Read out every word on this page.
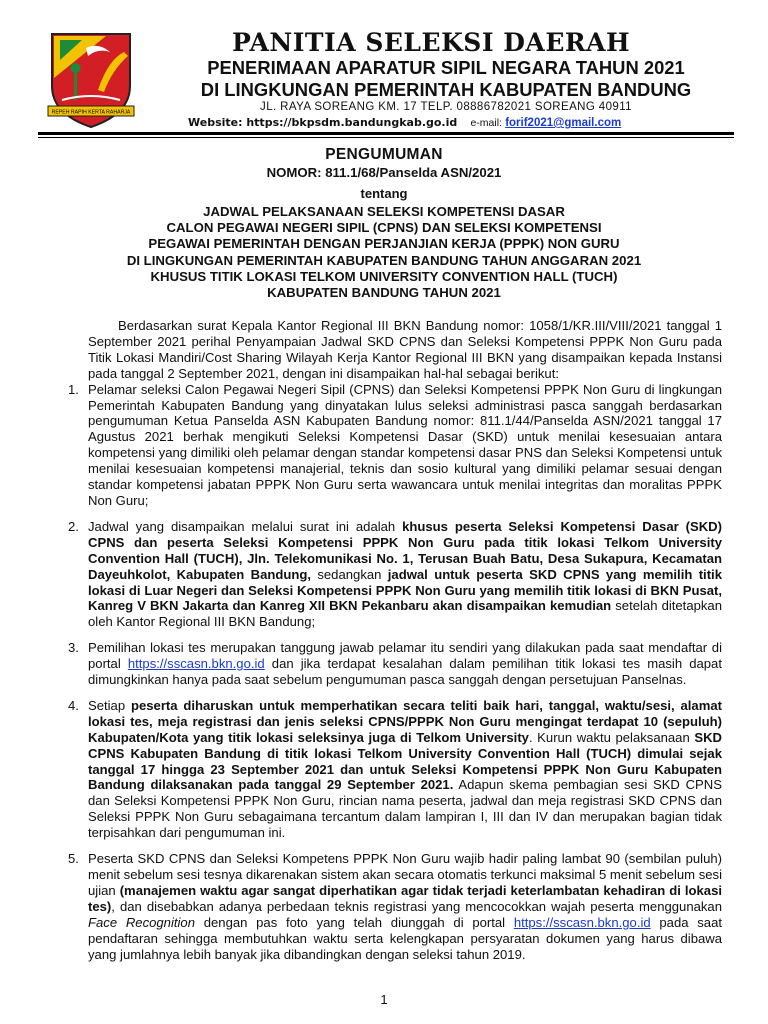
REPEH RAPIH KERTA RAHARJA
PANITIA SELEKSI DAERAH
PENERIMAAN APARATUR SIPIL NEGARA TAHUN 2021
DI LINGKUNGAN PEMERINTAH KABUPATEN BANDUNG
JL. RAYA SOREANG KM. 17 TELP. 08886782021 SOREANG 40911
Website: https://bkpsdm.bandungkab.go.id e-mail: forif2021@gmail.com
PENGUMUMAN
NOMOR: 811.1/68/Panselda ASN/2021
tentang
JADWAL PELAKSANAAN SELEKSI KOMPETENSI DASAR
CALON PEGAWAI NEGERI SIPIL (CPNS) DAN SELEKSI KOMPETENSI
PEGAWAI PEMERINTAH DENGAN PERJANJIAN KERJA (PPPK) NON GURU
DI LINGKUNGAN PEMERINTAH KABUPATEN BANDUNG TAHUN ANGGARAN 2021
KHUSUS TITIK LOKASI TELKOM UNIVERSITY CONVENTION HALL (TUCH)
KABUPATEN BANDUNG TAHUN 2021

Berdasarkan surat Kepala Kantor Regional III BKN Bandung nomor: 1058/1/KR.III/VIII/2021 tanggal 1 September 2021 perihal Penyampaian Jadwal SKD CPNS dan Seleksi Kompetensi PPPK Non Guru pada Titik Lokasi Mandiri/Cost Sharing Wilayah Kerja Kantor Regional III BKN yang disampaikan kepada Instansi pada tanggal 2 September 2021, dengan ini disampaikan hal-hal sebagai berikut:

1. Pelamar seleksi Calon Pegawai Negeri Sipil (CPNS) dan Seleksi Kompetensi PPPK Non Guru di lingkungan Pemerintah Kabupaten Bandung yang dinyatakan lulus seleksi administrasi pasca sanggah berdasarkan pengumuman Ketua Panselda ASN Kabupaten Bandung nomor: 811.1/44/Panselda ASN/2021 tanggal 17 Agustus 2021 berhak mengikuti Seleksi Kompetensi Dasar (SKD) untuk menilai kesesuaian antara kompetensi yang dimiliki oleh pelamar dengan standar kompetensi dasar PNS dan Seleksi Kompetensi untuk menilai kesesuaian kompetensi manajerial, teknis dan sosio kultural yang dimiliki pelamar sesuai dengan standar kompetensi jabatan PPPK Non Guru serta wawancara untuk menilai integritas dan moralitas PPPK Non Guru;
2. Jadwal yang disampaikan melalui surat ini adalah khusus peserta Seleksi Kompetensi Dasar (SKD) CPNS dan peserta Seleksi Kompetensi PPPK Non Guru pada titik lokasi Telkom University Convention Hall (TUCH), Jln. Telekomunikasi No. 1, Terusan Buah Batu, Desa Sukapura, Kecamatan Dayeuhkolot, Kabupaten Bandung, sedangkan jadwal untuk peserta SKD CPNS yang memilih titik lokasi di Luar Negeri dan Seleksi Kompetensi PPPK Non Guru yang memilih titik lokasi di BKN Pusat, Kanreg V BKN Jakarta dan Kanreg XII BKN Pekanbaru akan disampaikan kemudian setelah ditetapkan oleh Kantor Regional III BKN Bandung;
3. Pemilihan lokasi tes merupakan tanggung jawab pelamar itu sendiri yang dilakukan pada saat mendaftar di portal https://sscasn.bkn.go.id dan jika terdapat kesalahan dalam pemilihan titik lokasi tes masih dapat dimungkinkan hanya pada saat sebelum pengumuman pasca sanggah dengan persetujuan Panselnas.
4. Setiap peserta diharuskan untuk memperhatikan secara teliti baik hari, tanggal, waktu/sesi, alamat lokasi tes, meja registrasi dan jenis seleksi CPNS/PPPK Non Guru mengingat terdapat 10 (sepuluh) Kabupaten/Kota yang titik lokasi seleksinya juga di Telkom University. Kurun waktu pelaksanaan SKD CPNS Kabupaten Bandung di titik lokasi Telkom University Convention Hall (TUCH) dimulai sejak tanggal 17 hingga 23 September 2021 dan untuk Seleksi Kompetensi PPPK Non Guru Kabupaten Bandung dilaksanakan pada tanggal 29 September 2021. Adapun skema pembagian sesi SKD CPNS dan Seleksi Kompetensi PPPK Non Guru, rincian nama peserta, jadwal dan meja registrasi SKD CPNS dan Seleksi PPPK Non Guru sebagaimana tercantum dalam lampiran I, III dan IV dan merupakan bagian tidak terpisahkan dari pengumuman ini.
5. Peserta SKD CPNS dan Seleksi Kompetens PPPK Non Guru wajib hadir paling lambat 90 (sembilan puluh) menit sebelum sesi tesnya dikarenakan sistem akan secara otomatis terkunci maksimal 5 menit sebelum sesi ujian (manajemen waktu agar sangat diperhatikan agar tidak terjadi keterlambatan kehadiran di lokasi tes), dan disebabkan adanya perbedaan teknis registrasi yang mencocokkan wajah peserta menggunakan Face Recognition dengan pas foto yang telah diunggah di portal https://sscasn.bkn.go.id pada saat pendaftaran sehingga membutuhkan waktu serta kelengkapan persyaratan dokumen yang harus dibawa yang jumlahnya lebih banyak jika dibandingkan dengan seleksi tahun 2019.
1
